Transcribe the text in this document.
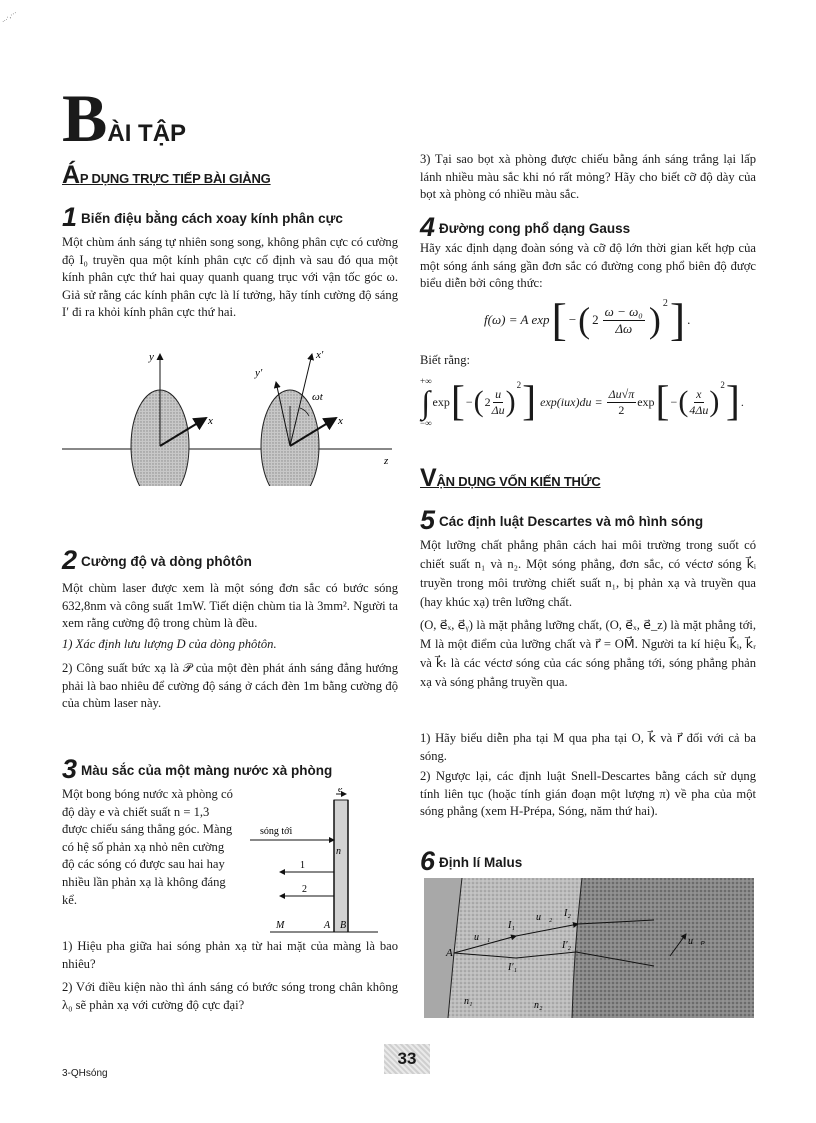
...·,···
BÀI TẬP
ÁP DỤNG TRỰC TIẾP BÀI GIẢNG
1 Biến điệu bằng cách xoay kính phân cực
Một chùm ánh sáng tự nhiên song song, không phân cực có cường độ I₀ truyền qua một kính phân cực cố định và sau đó qua một kính phân cực thứ hai quay quanh quang trục với vận tốc góc ω. Giả sử rằng các kính phân cực là lí tưởng, hãy tính cường độ sáng I′ đi ra khỏi kính phân cực thứ hai.
y
x
y'
x'
x
ωt
z
2 Cường độ và dòng phôtôn
Một chùm laser được xem là một sóng đơn sắc có bước sóng 632,8nm và công suất 1mW. Tiết diện chùm tia là 3mm². Người ta xem rằng cường độ trong chùm là đều.
1) Xác định lưu lượng D của dòng phôtôn.
2) Công suất bức xạ là 𝒫 của một đèn phát ánh sáng đẳng hướng phải là bao nhiêu để cường độ sáng ở cách đèn 1m bằng cường độ của chùm laser này.
3 Màu sắc của một màng nước xà phòng
Một bong bóng nước xà phòng có độ dày e và chiết suất n = 1,3 được chiếu sáng thẳng góc. Màng có hệ số phản xạ nhỏ nên cường độ các sóng có được sau hai hay nhiều lần phản xạ là không đáng kể.
e
sóng tới
1
2
n
M	A B
1) Hiệu pha giữa hai sóng phản xạ từ hai mặt của màng là bao nhiêu?
2) Với điều kiện nào thì ánh sáng có bước sóng trong chân không λ₀ sẽ phản xạ với cường độ cực đại?
3) Tại sao bọt xà phòng được chiếu bằng ánh sáng trắng lại lấp lánh nhiều màu sắc khi nó rất mỏng? Hãy cho biết cỡ độ dày của bọt xà phòng có nhiều màu sắc.
4 Đường cong phổ dạng Gauss
Hãy xác định dạng đoàn sóng và cỡ độ lớn thời gian kết hợp của một sóng ánh sáng gần đơn sắc có đường cong phổ biên độ được biểu diễn bởi công thức:
f(ω) = A exp [ − ( 2
ω − ω₀
Δω ) 2 ] .
Biết rằng:
+∞
∫
−∞
exp [ − ( 2
u
Δu ) 2 ] $\exp(iux)du = \frac{\Delta u√\pi}{2}$ exp [ − ( x
4Δu ) 2 ] .
VẬN DỤNG VỐN KIẾN THỨC
5 Các định luật Descartes và mô hình sóng
Một lưỡng chất phẳng phân cách hai môi trường trong suốt có chiết suất n₁ và n₂. Một sóng phẳng, đơn sắc, có véctơ sóng k⃗ᵢ truyền trong môi trường chiết suất n₁, bị phản xạ và truyền qua (hay khúc xạ) trên lưỡng chất.
(O, e⃗ₓ, e⃗ᵧ) là mặt phẳng lưỡng chất, (O, e⃗ₓ, e⃗_z) là mặt phẳng tới, M là một điểm của lưỡng chất và r⃗ = OM⃗. Người ta kí hiệu k⃗ᵢ, k⃗ᵣ và k⃗ₜ là các véctơ sóng của các sóng phẳng tới, sóng phẳng phản xạ và sóng phẳng truyền qua.
1) Hãy biểu diễn pha tại M qua pha tại O, k⃗ và r⃗ đối với cả ba sóng.
2) Ngược lại, các định luật Snell-Descartes bằng cách sử dụng tính liên tục (hoặc tính gián đoạn một lượng π) về pha của một sóng phẳng (xem H-Prépa, Sóng, năm thứ hai).
6 Định lí Malus
A
u⃗₁
I₁
u⃗₂ I₂
u⃗ₚ
I′₁
I′₂
n₁	n₂
3-QHsóng
33
